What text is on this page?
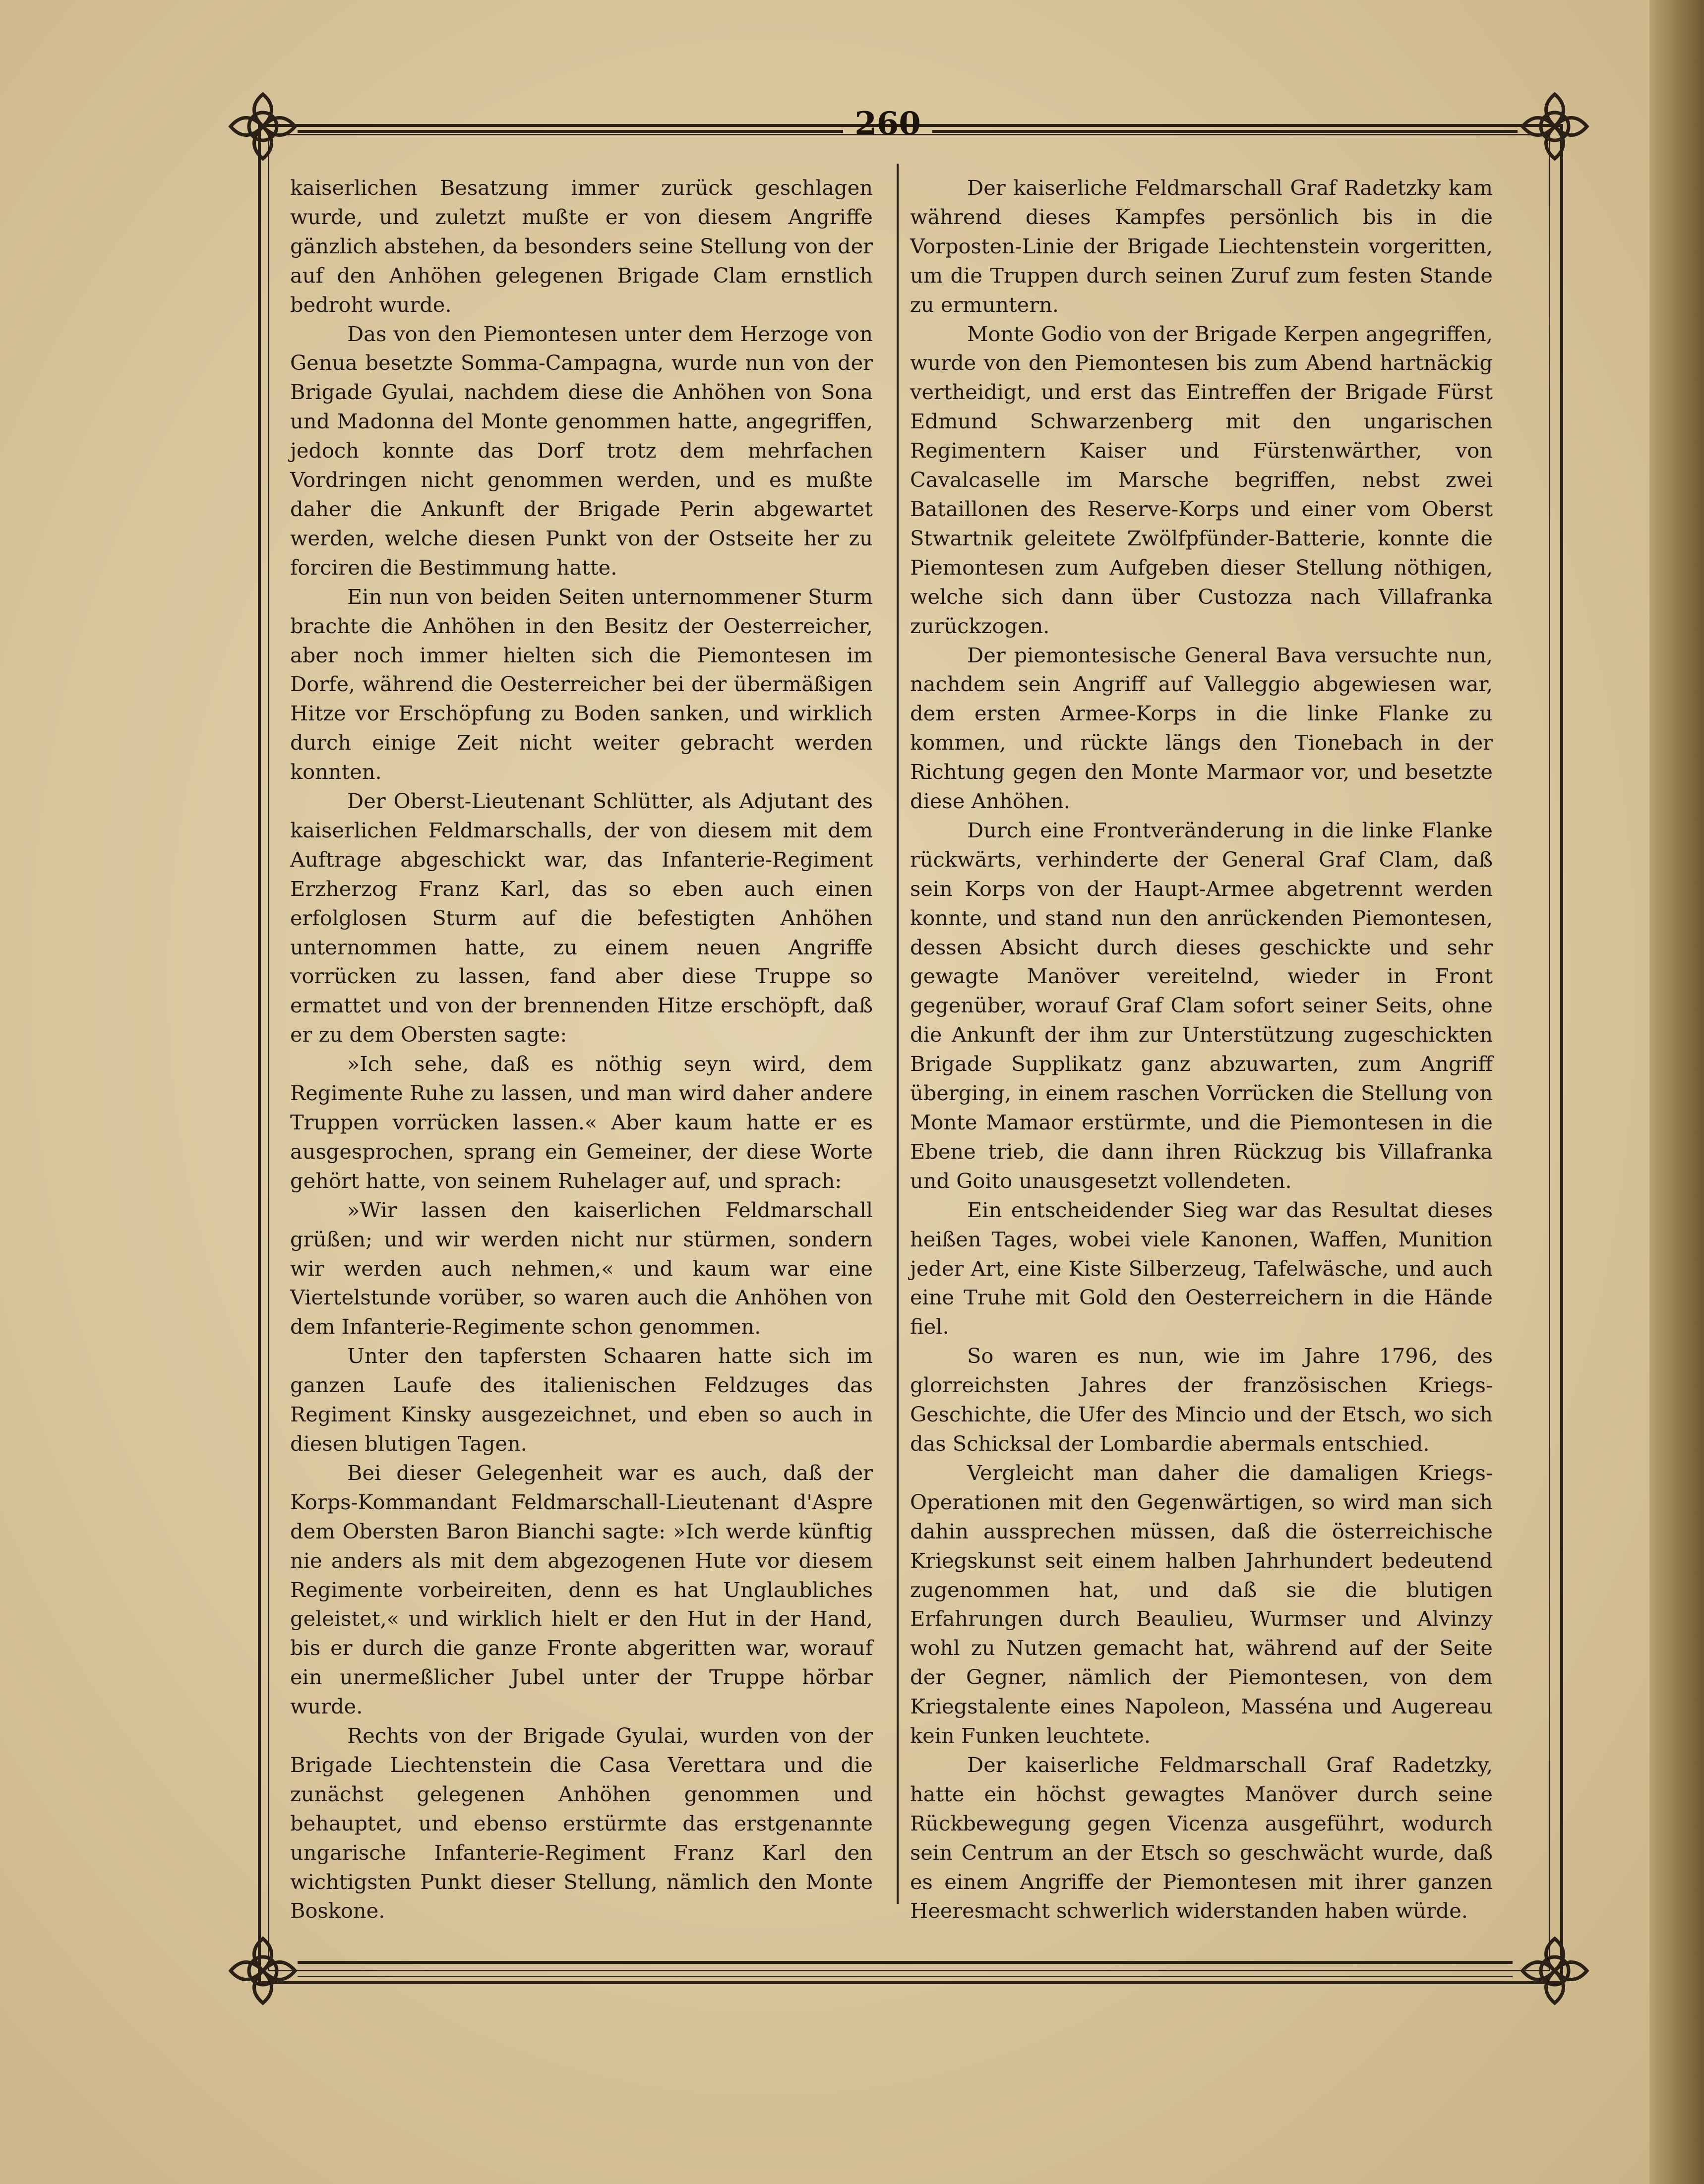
260

kaiserlichen Besatzung immer zurück geschlagen wurde, und zuletzt mußte er von diesem Angriffe gänzlich abstehen, da besonders seine Stellung von der auf den Anhöhen gelegenen Brigade Clam ernstlich bedroht wurde.

Das von den Piemontesen unter dem Herzoge von Genua besetzte Somma-Campagna, wurde nun von der Brigade Gyulai, nachdem diese die Anhöhen von Sona und Madonna del Monte genommen hatte, angegriffen, jedoch konnte das Dorf trotz dem mehrfachen Vordringen nicht genommen werden, und es mußte daher die Ankunft der Brigade Perin abgewartet werden, welche diesen Punkt von der Ostseite her zu forciren die Bestimmung hatte.

Ein nun von beiden Seiten unternommener Sturm brachte die Anhöhen in den Besitz der Oesterreicher, aber noch immer hielten sich die Piemontesen im Dorfe, während die Oesterreicher bei der übermäßigen Hitze vor Erschöpfung zu Boden sanken, und wirklich durch einige Zeit nicht weiter gebracht werden konnten.

Der Oberst-Lieutenant Schlütter, als Adjutant des kaiserlichen Feldmarschalls, der von diesem mit dem Auftrage abgeschickt war, das Infanterie-Regiment Erzherzog Franz Karl, das so eben auch einen erfolglosen Sturm auf die befestigten Anhöhen unternommen hatte, zu einem neuen Angriffe vorrücken zu lassen, fand aber diese Truppe so ermattet und von der brennenden Hitze erschöpft, daß er zu dem Obersten sagte:

»Ich sehe, daß es nöthig seyn wird, dem Regimente Ruhe zu lassen, und man wird daher andere Truppen vorrücken lassen.« Aber kaum hatte er es ausgesprochen, sprang ein Gemeiner, der diese Worte gehört hatte, von seinem Ruhelager auf, und sprach:

»Wir lassen den kaiserlichen Feldmarschall grüßen; und wir werden nicht nur stürmen, sondern wir werden auch nehmen,« und kaum war eine Viertelstunde vorüber, so waren auch die Anhöhen von dem Infanterie-Regimente schon genommen.

Unter den tapfersten Schaaren hatte sich im ganzen Laufe des italienischen Feldzuges das Regiment Kinsky ausgezeichnet, und eben so auch in diesen blutigen Tagen.

Bei dieser Gelegenheit war es auch, daß der Korps-Kommandant Feldmarschall-Lieutenant d'Aspre dem Obersten Baron Bianchi sagte: »Ich werde künftig nie anders als mit dem abgezogenen Hute vor diesem Regimente vorbeireiten, denn es hat Unglaubliches geleistet,« und wirklich hielt er den Hut in der Hand, bis er durch die ganze Fronte abgeritten war, worauf ein unermeßlicher Jubel unter der Truppe hörbar wurde.

Rechts von der Brigade Gyulai, wurden von der Brigade Liechtenstein die Casa Verettara und die zunächst gelegenen Anhöhen genommen und behauptet, und ebenso erstürmte das erstgenannte ungarische Infanterie-Regiment Franz Karl den wichtigsten Punkt dieser Stellung, nämlich den Monte Boskone.

Der kaiserliche Feldmarschall Graf Radetzky kam während dieses Kampfes persönlich bis in die Vorposten-Linie der Brigade Liechtenstein vorgeritten, um die Truppen durch seinen Zuruf zum festen Stande zu ermuntern.

Monte Godio von der Brigade Kerpen angegriffen, wurde von den Piemontesen bis zum Abend hartnäckig vertheidigt, und erst das Eintreffen der Brigade Fürst Edmund Schwarzenberg mit den ungarischen Regimentern Kaiser und Fürstenwärther, von Cavalcaselle im Marsche begriffen, nebst zwei Bataillonen des Reserve-Korps und einer vom Oberst Stwartnik geleitete Zwölfpfünder-Batterie, konnte die Piemontesen zum Aufgeben dieser Stellung nöthigen, welche sich dann über Custozza nach Villafranka zurückzogen.

Der piemontesische General Bava versuchte nun, nachdem sein Angriff auf Valleggio abgewiesen war, dem ersten Armee-Korps in die linke Flanke zu kommen, und rückte längs den Tionebach in der Richtung gegen den Monte Marmaor vor, und besetzte diese Anhöhen.

Durch eine Frontveränderung in die linke Flanke rückwärts, verhinderte der General Graf Clam, daß sein Korps von der Haupt-Armee abgetrennt werden konnte, und stand nun den anrückenden Piemontesen, dessen Absicht durch dieses geschickte und sehr gewagte Manöver vereitelnd, wieder in Front gegenüber, worauf Graf Clam sofort seiner Seits, ohne die Ankunft der ihm zur Unterstützung zugeschickten Brigade Supplikatz ganz abzuwarten, zum Angriff überging, in einem raschen Vorrücken die Stellung von Monte Mamaor erstürmte, und die Piemontesen in die Ebene trieb, die dann ihren Rückzug bis Villafranka und Goito unausgesetzt vollendeten.

Ein entscheidender Sieg war das Resultat dieses heißen Tages, wobei viele Kanonen, Waffen, Munition jeder Art, eine Kiste Silberzeug, Tafelwäsche, und auch eine Truhe mit Gold den Oesterreichern in die Hände fiel.

So waren es nun, wie im Jahre 1796, des glorreichsten Jahres der französischen Kriegs-Geschichte, die Ufer des Mincio und der Etsch, wo sich das Schicksal der Lombardie abermals entschied.

Vergleicht man daher die damaligen Kriegs-Operationen mit den Gegenwärtigen, so wird man sich dahin aussprechen müssen, daß die österreichische Kriegskunst seit einem halben Jahrhundert bedeutend zugenommen hat, und daß sie die blutigen Erfahrungen durch Beaulieu, Wurmser und Alvinzy wohl zu Nutzen gemacht hat, während auf der Seite der Gegner, nämlich der Piemontesen, von dem Kriegstalente eines Napoleon, Masséna und Augereau kein Funken leuchtete.

Der kaiserliche Feldmarschall Graf Radetzky, hatte ein höchst gewagtes Manöver durch seine Rückbewegung gegen Vicenza ausgeführt, wodurch sein Centrum an der Etsch so geschwächt wurde, daß es einem Angriffe der Piemontesen mit ihrer ganzen Heeresmacht schwerlich widerstanden haben würde.
